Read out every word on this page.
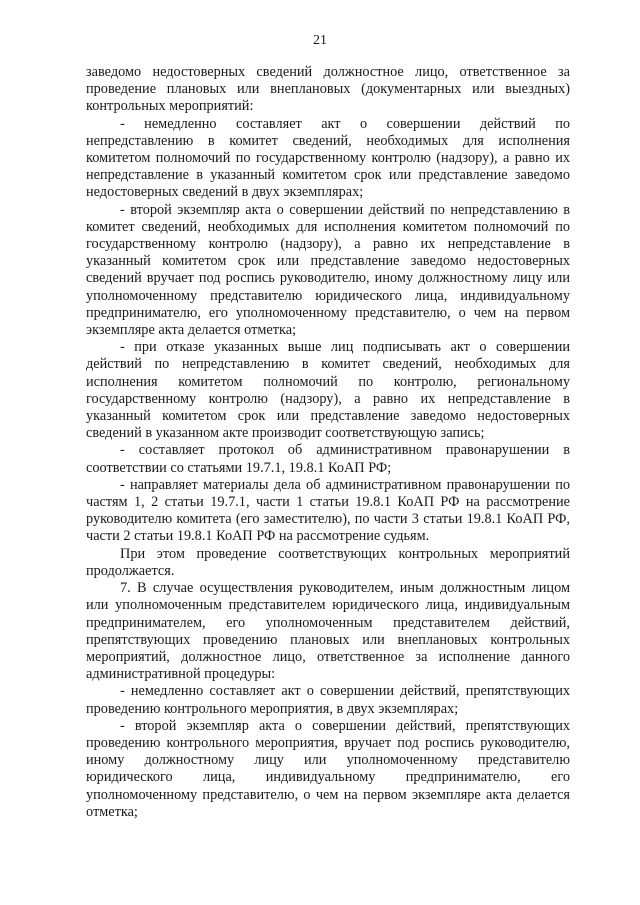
21

заведомо недостоверных сведений должностное лицо, ответственное за проведение плановых или внеплановых (документарных или выездных) контрольных мероприятий:

- немедленно составляет акт о совершении действий по непредставлению в комитет сведений, необходимых для исполнения комитетом полномочий по государственному контролю (надзору), а равно их непредставление в указанный комитетом срок или представление заведомо недостоверных сведений в двух экземплярах;

- второй экземпляр акта о совершении действий по непредставлению в комитет сведений, необходимых для исполнения комитетом полномочий по государственному контролю (надзору), а равно их непредставление в указанный комитетом срок или представление заведомо недостоверных сведений вручает под роспись руководителю, иному должностному лицу или уполномоченному представителю юридического лица, индивидуальному предпринимателю, его уполномоченному представителю, о чем на первом экземпляре акта делается отметка;

- при отказе указанных выше лиц подписывать акт о совершении действий по непредставлению в комитет сведений, необходимых для исполнения комитетом полномочий по контролю, региональному государственному контролю (надзору), а равно их непредставление в указанный комитетом срок или представление заведомо недостоверных сведений в указанном акте производит соответствующую запись;

- составляет протокол об административном правонарушении в соответствии со статьями 19.7.1, 19.8.1 КоАП РФ;

- направляет материалы дела об административном правонарушении по частям 1, 2 статьи 19.7.1, части 1 статьи 19.8.1 КоАП РФ на рассмотрение руководителю комитета (его заместителю), по части 3 статьи 19.8.1 КоАП РФ, части 2 статьи 19.8.1 КоАП РФ на рассмотрение судьям.

При этом проведение соответствующих контрольных мероприятий продолжается.

7. В случае осуществления руководителем, иным должностным лицом или уполномоченным представителем юридического лица, индивидуальным предпринимателем, его уполномоченным представителем действий, препятствующих проведению плановых или внеплановых контрольных мероприятий, должностное лицо, ответственное за исполнение данного административной процедуры:

- немедленно составляет акт о совершении действий, препятствующих проведению контрольного мероприятия, в двух экземплярах;

- второй экземпляр акта о совершении действий, препятствующих проведению контрольного мероприятия, вручает под роспись руководителю, иному должностному лицу или уполномоченному представителю юридического лица, индивидуальному предпринимателю, его уполномоченному представителю, о чем на первом экземпляре акта делается отметка;
